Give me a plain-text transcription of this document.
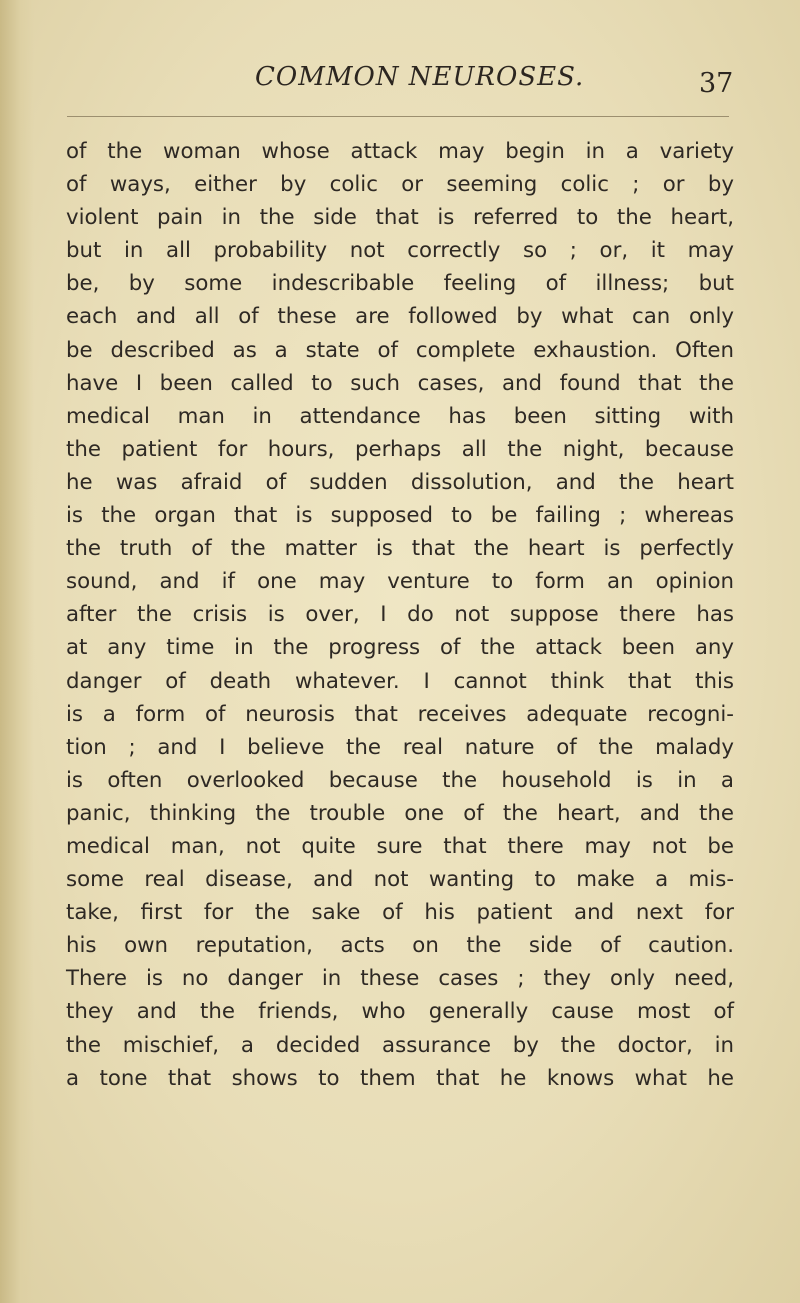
COMMON NEUROSES.	37
of the woman whose attack may begin in a variety
of ways, either by colic or seeming colic ; or by
violent pain in the side that is referred to the heart,
but in all probability not correctly so ; or, it may
be, by some indescribable feeling of illness; but
each and all of these are followed by what can only
be described as a state of complete exhaustion. Often
have I been called to such cases, and found that the
medical man in attendance has been sitting with
the patient for hours, perhaps all the night, because
he was afraid of sudden dissolution, and the heart
is the organ that is supposed to be failing ; whereas
the truth of the matter is that the heart is perfectly
sound, and if one may venture to form an opinion
after the crisis is over, I do not suppose there has
at any time in the progress of the attack been any
danger of death whatever. I cannot think that this
is a form of neurosis that receives adequate recogni-
tion ; and I believe the real nature of the malady
is often overlooked because the household is in a
panic, thinking the trouble one of the heart, and the
medical man, not quite sure that there may not be
some real disease, and not wanting to make a mis-
take, first for the sake of his patient and next for
his own reputation, acts on the side of caution.
There is no danger in these cases ; they only need,
they and the friends, who generally cause most of
the mischief, a decided assurance by the doctor, in
a tone that shows to them that he knows what he
